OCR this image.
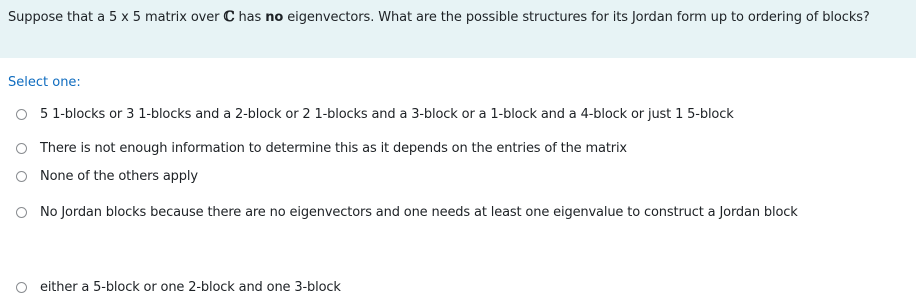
Suppose that a 5 x 5 matrix over ℂ has no eigenvectors. What are the possible structures for its Jordan form up to ordering of blocks?
Select one:
5 1-blocks or 3 1-blocks and a 2-block or 2 1-blocks and a 3-block or a 1-block and a 4-block or just 1 5-block
There is not enough information to determine this as it depends on the entries of the matrix
None of the others apply
No Jordan blocks because there are no eigenvectors and one needs at least one eigenvalue to construct a Jordan block
either a 5-block or one 2-block and one 3-block
